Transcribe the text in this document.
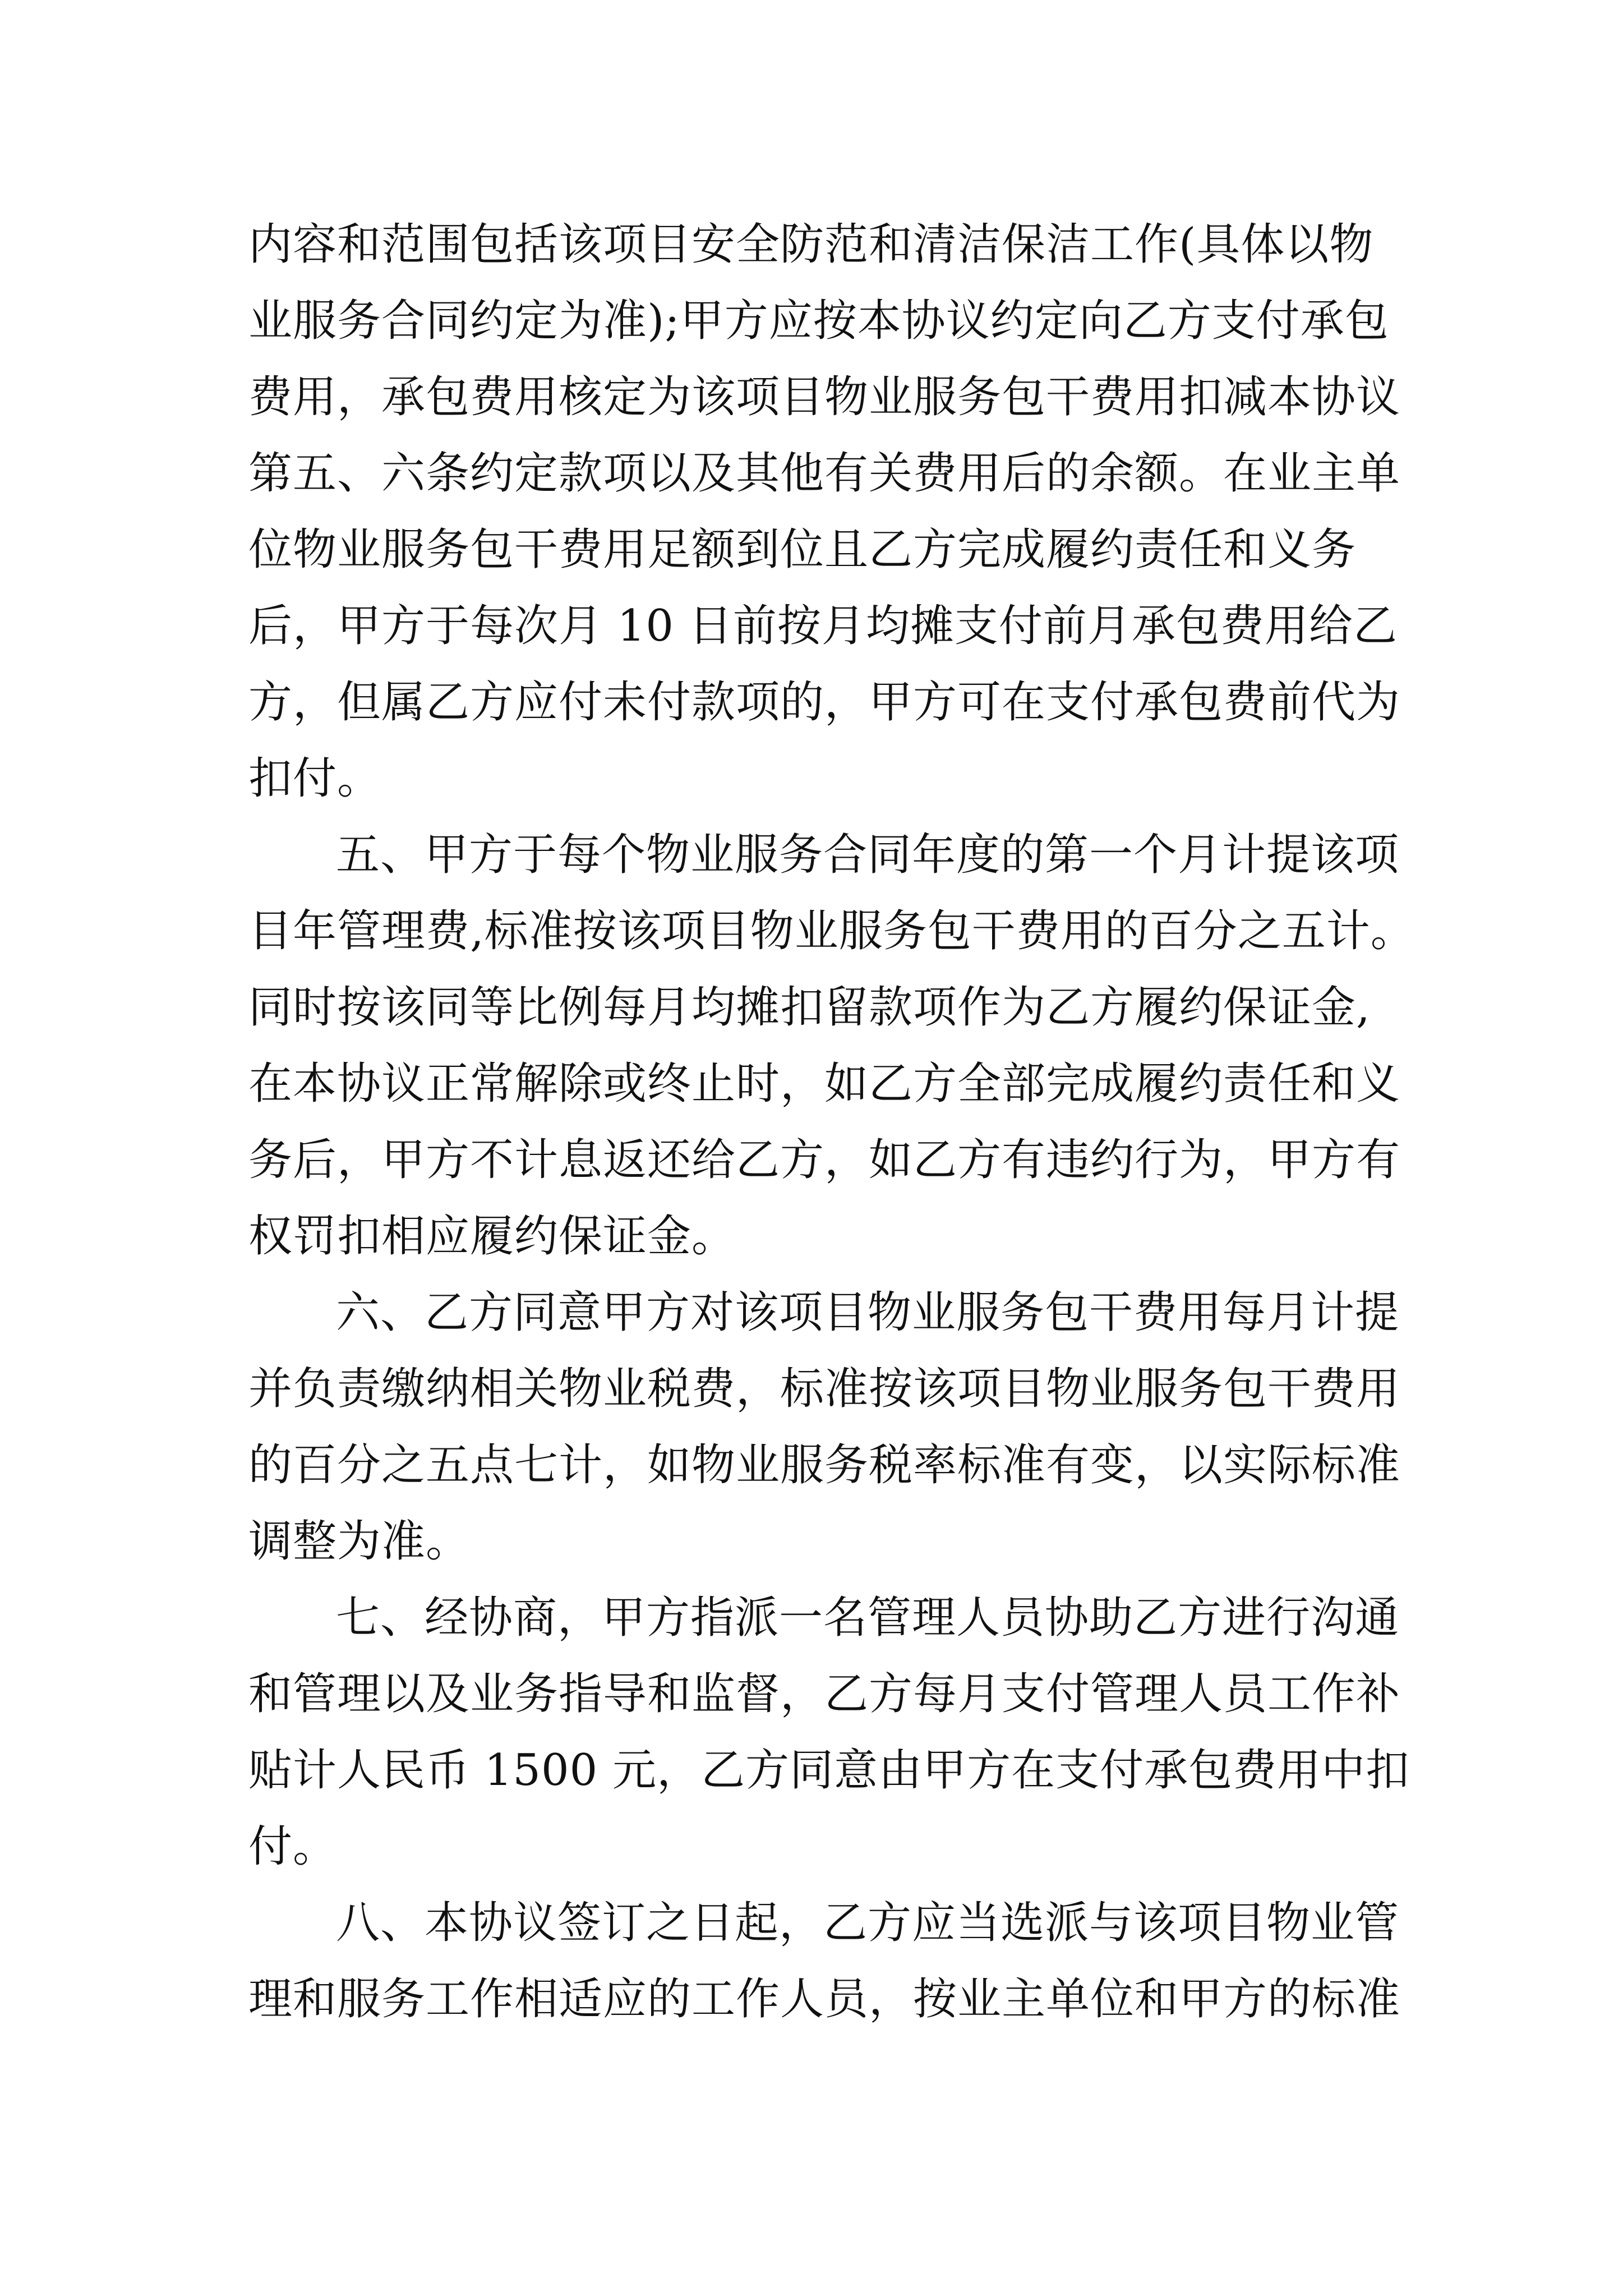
内容和范围包括该项目安全防范和清洁保洁工作(具体以物
业服务合同约定为准);甲方应按本协议约定向乙方支付承包
费用，承包费用核定为该项目物业服务包干费用扣减本协议
第五、六条约定款项以及其他有关费用后的余额。在业主单
位物业服务包干费用足额到位且乙方完成履约责任和义务
后，甲方于每次月 10 日前按月均摊支付前月承包费用给乙
方，但属乙方应付未付款项的，甲方可在支付承包费前代为
扣付。
五、甲方于每个物业服务合同年度的第一个月计提该项
目年管理费,标准按该项目物业服务包干费用的百分之五计。
同时按该同等比例每月均摊扣留款项作为乙方履约保证金,
在本协议正常解除或终止时，如乙方全部完成履约责任和义
务后，甲方不计息返还给乙方，如乙方有违约行为，甲方有
权罚扣相应履约保证金。
六、乙方同意甲方对该项目物业服务包干费用每月计提
并负责缴纳相关物业税费，标准按该项目物业服务包干费用
的百分之五点七计，如物业服务税率标准有变，以实际标准
调整为准。
七、经协商，甲方指派一名管理人员协助乙方进行沟通
和管理以及业务指导和监督，乙方每月支付管理人员工作补
贴计人民币 1500 元，乙方同意由甲方在支付承包费用中扣
付。
八、本协议签订之日起，乙方应当选派与该项目物业管
理和服务工作相适应的工作人员，按业主单位和甲方的标准
